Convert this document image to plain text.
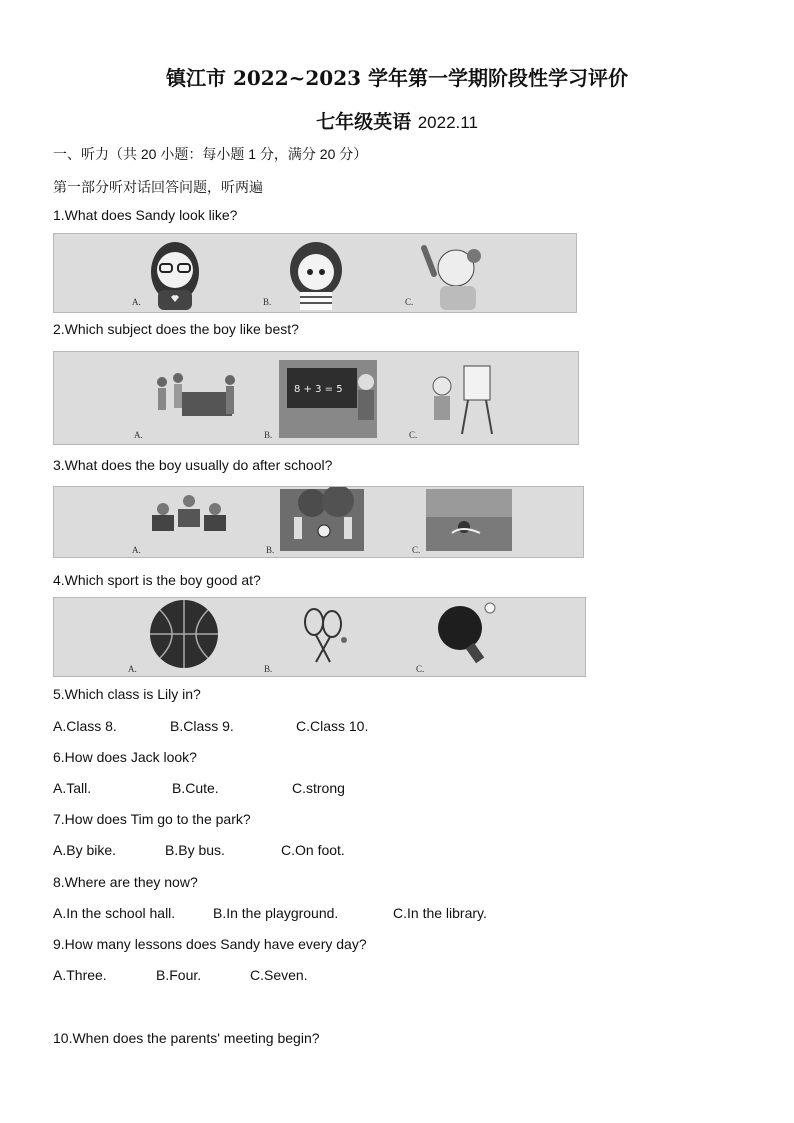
镇江市 2022~2023 学年第一学期阶段性学习评价
七年级英语 2022.11
一、听力（共 20 小题：每小题 1 分，满分 20 分）
第一部分听对话回答问题，听两遍
1.What does Sandy look like?
A.	B.	C.
2.Which subject does the boy like best?
A.
8 + 3 = 5
B.	C.
3.What does the boy usually do after school?
A.	B.	C.
4.Which sport is the boy good at?
A.	B.	C.
5.Which class is Lily in?
A.Class 8.	B.Class 9.	C.Class 10.
6.How does Jack look?
A.Tall.	B.Cute.	C.strong
7.How does Tim go to the park?
A.By bike.	B.By bus.	C.On foot.
8.Where are they now?
A.In the school hall.	B.In the playground.	C.In the library.
9.How many lessons does Sandy have every day?
A.Three.	B.Four.	C.Seven.
10.When does the parents' meeting begin?
